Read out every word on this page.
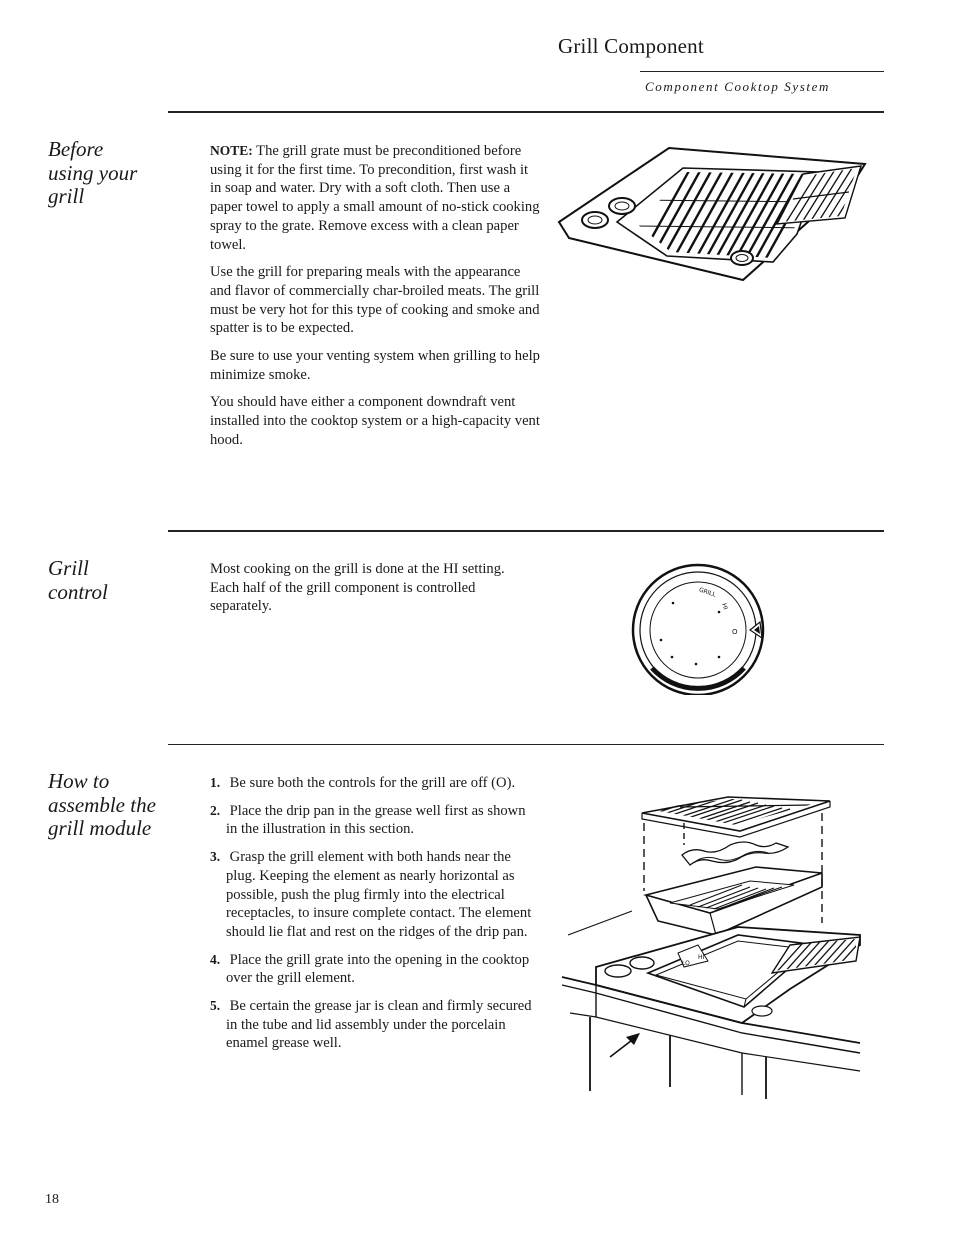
Grill Component
Component Cooktop System
Before
using your
grill

NOTE: The grill grate must be preconditioned before using it for the first time. To precondition, first wash it in soap and water. Dry with a soft cloth. Then use a paper towel to apply a small amount of no-stick cooking spray to the grate. Remove excess with a clean paper towel.

Use the grill for preparing meals with the appearance and flavor of commercially char-broiled meats. The grill must be very hot for this type of cooking and smoke and spatter is to be expected.

Be sure to use your venting system when grilling to help minimize smoke.

You should have either a component downdraft vent installed into the cooktop system or a high-capacity vent hood.

Grill
control

Most cooking on the grill is done at the HI setting. Each half of the grill component is controlled separately.

GRILL
HI
O
How to
assemble the
grill module
1. Be sure both the controls for the grill are off (O).
2. Place the drip pan in the grease well first as shown in the illustration in this section.
3. Grasp the grill element with both hands near the plug. Keeping the element as nearly horizontal as possible, push the plug firmly into the electrical receptacles, to insure complete contact. The element should lie flat and rest on the ridges of the drip pan.
4. Place the grill grate into the opening in the cooktop over the grill element.
5. Be certain the grease jar is clean and firmly secured in the tube and lid assembly under the porcelain enamel grease well.
LO
HI
18
